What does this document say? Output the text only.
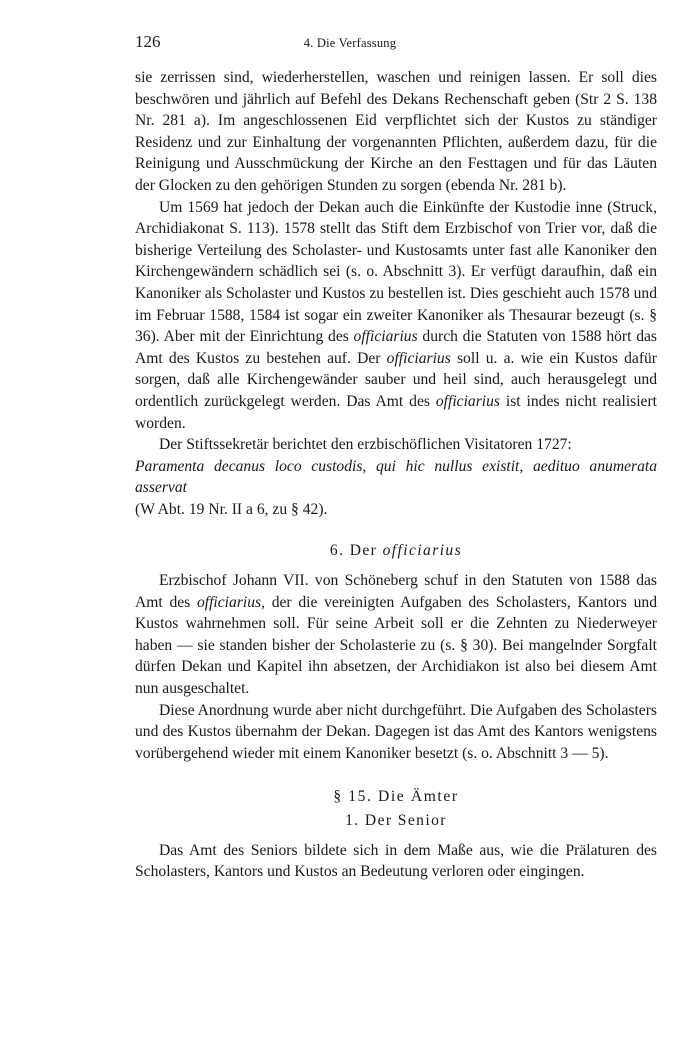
126	4. Die Verfassung

sie zerrissen sind, wiederherstellen, waschen und reinigen lassen. Er soll dies beschwören und jährlich auf Befehl des Dekans Rechenschaft geben (Str 2 S. 138 Nr. 281 a). Im angeschlossenen Eid verpflichtet sich der Kustos zu ständiger Residenz und zur Einhaltung der vorgenannten Pflichten, außerdem dazu, für die Reinigung und Ausschmückung der Kirche an den Festtagen und für das Läuten der Glocken zu den gehörigen Stunden zu sorgen (ebenda Nr. 281 b).

Um 1569 hat jedoch der Dekan auch die Einkünfte der Kustodie inne (Struck, Archidiakonat S. 113). 1578 stellt das Stift dem Erzbischof von Trier vor, daß die bisherige Verteilung des Scholaster- und Kustosamts unter fast alle Kanoniker den Kirchengewändern schädlich sei (s. o. Abschnitt 3). Er verfügt daraufhin, daß ein Kanoniker als Scholaster und Kustos zu bestellen ist. Dies geschieht auch 1578 und im Februar 1588, 1584 ist sogar ein zweiter Kanoniker als Thesaurar bezeugt (s. § 36). Aber mit der Einrichtung des officiarius durch die Statuten von 1588 hört das Amt des Kustos zu bestehen auf. Der officiarius soll u. a. wie ein Kustos dafür sorgen, daß alle Kirchengewänder sauber und heil sind, auch herausgelegt und ordentlich zurückgelegt werden. Das Amt des officiarius ist indes nicht realisiert worden.

Der Stiftssekretär berichtet den erzbischöflichen Visitatoren 1727:

Paramenta decanus loco custodis, qui hic nullus existit, aedituo anumerata asservat
(W Abt. 19 Nr. II a 6, zu § 42).

6. Der officiarius

Erzbischof Johann VII. von Schöneberg schuf in den Statuten von 1588 das Amt des officiarius, der die vereinigten Aufgaben des Scholasters, Kantors und Kustos wahrnehmen soll. Für seine Arbeit soll er die Zehnten zu Niederweyer haben — sie standen bisher der Scholasterie zu (s. § 30). Bei mangelnder Sorgfalt dürfen Dekan und Kapitel ihn absetzen, der Archidiakon ist also bei diesem Amt nun ausgeschaltet.

Diese Anordnung wurde aber nicht durchgeführt. Die Aufgaben des Scholasters und des Kustos übernahm der Dekan. Dagegen ist das Amt des Kantors wenigstens vorübergehend wieder mit einem Kanoniker besetzt (s. o. Abschnitt 3 — 5).

§ 15. Die Ämter
1. Der Senior

Das Amt des Seniors bildete sich in dem Maße aus, wie die Prälaturen des Scholasters, Kantors und Kustos an Bedeutung verloren oder eingingen.
